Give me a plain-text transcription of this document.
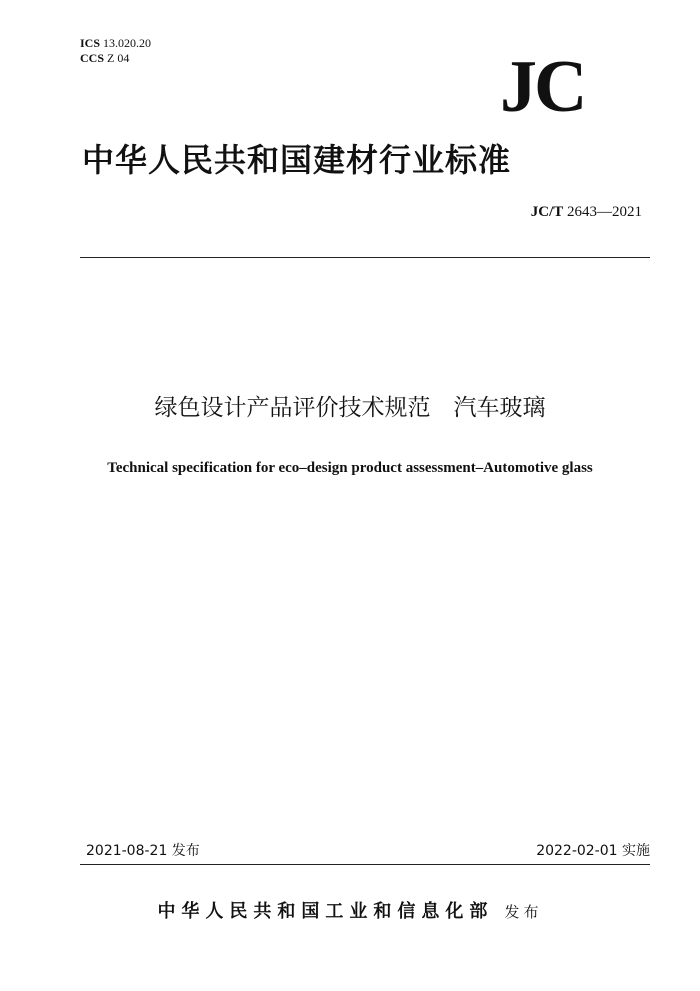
ICS 13.020.20
CCS Z 04	JC
中华人民共和国建材行业标准
JC/T 2643—2021
绿色设计产品评价技术规范　汽车玻璃
Technical specification for eco–design product assessment–Automotive glass
2021-08-21 发布	2022-02-01 实施
中华人民共和国工业和信息化部 发布
